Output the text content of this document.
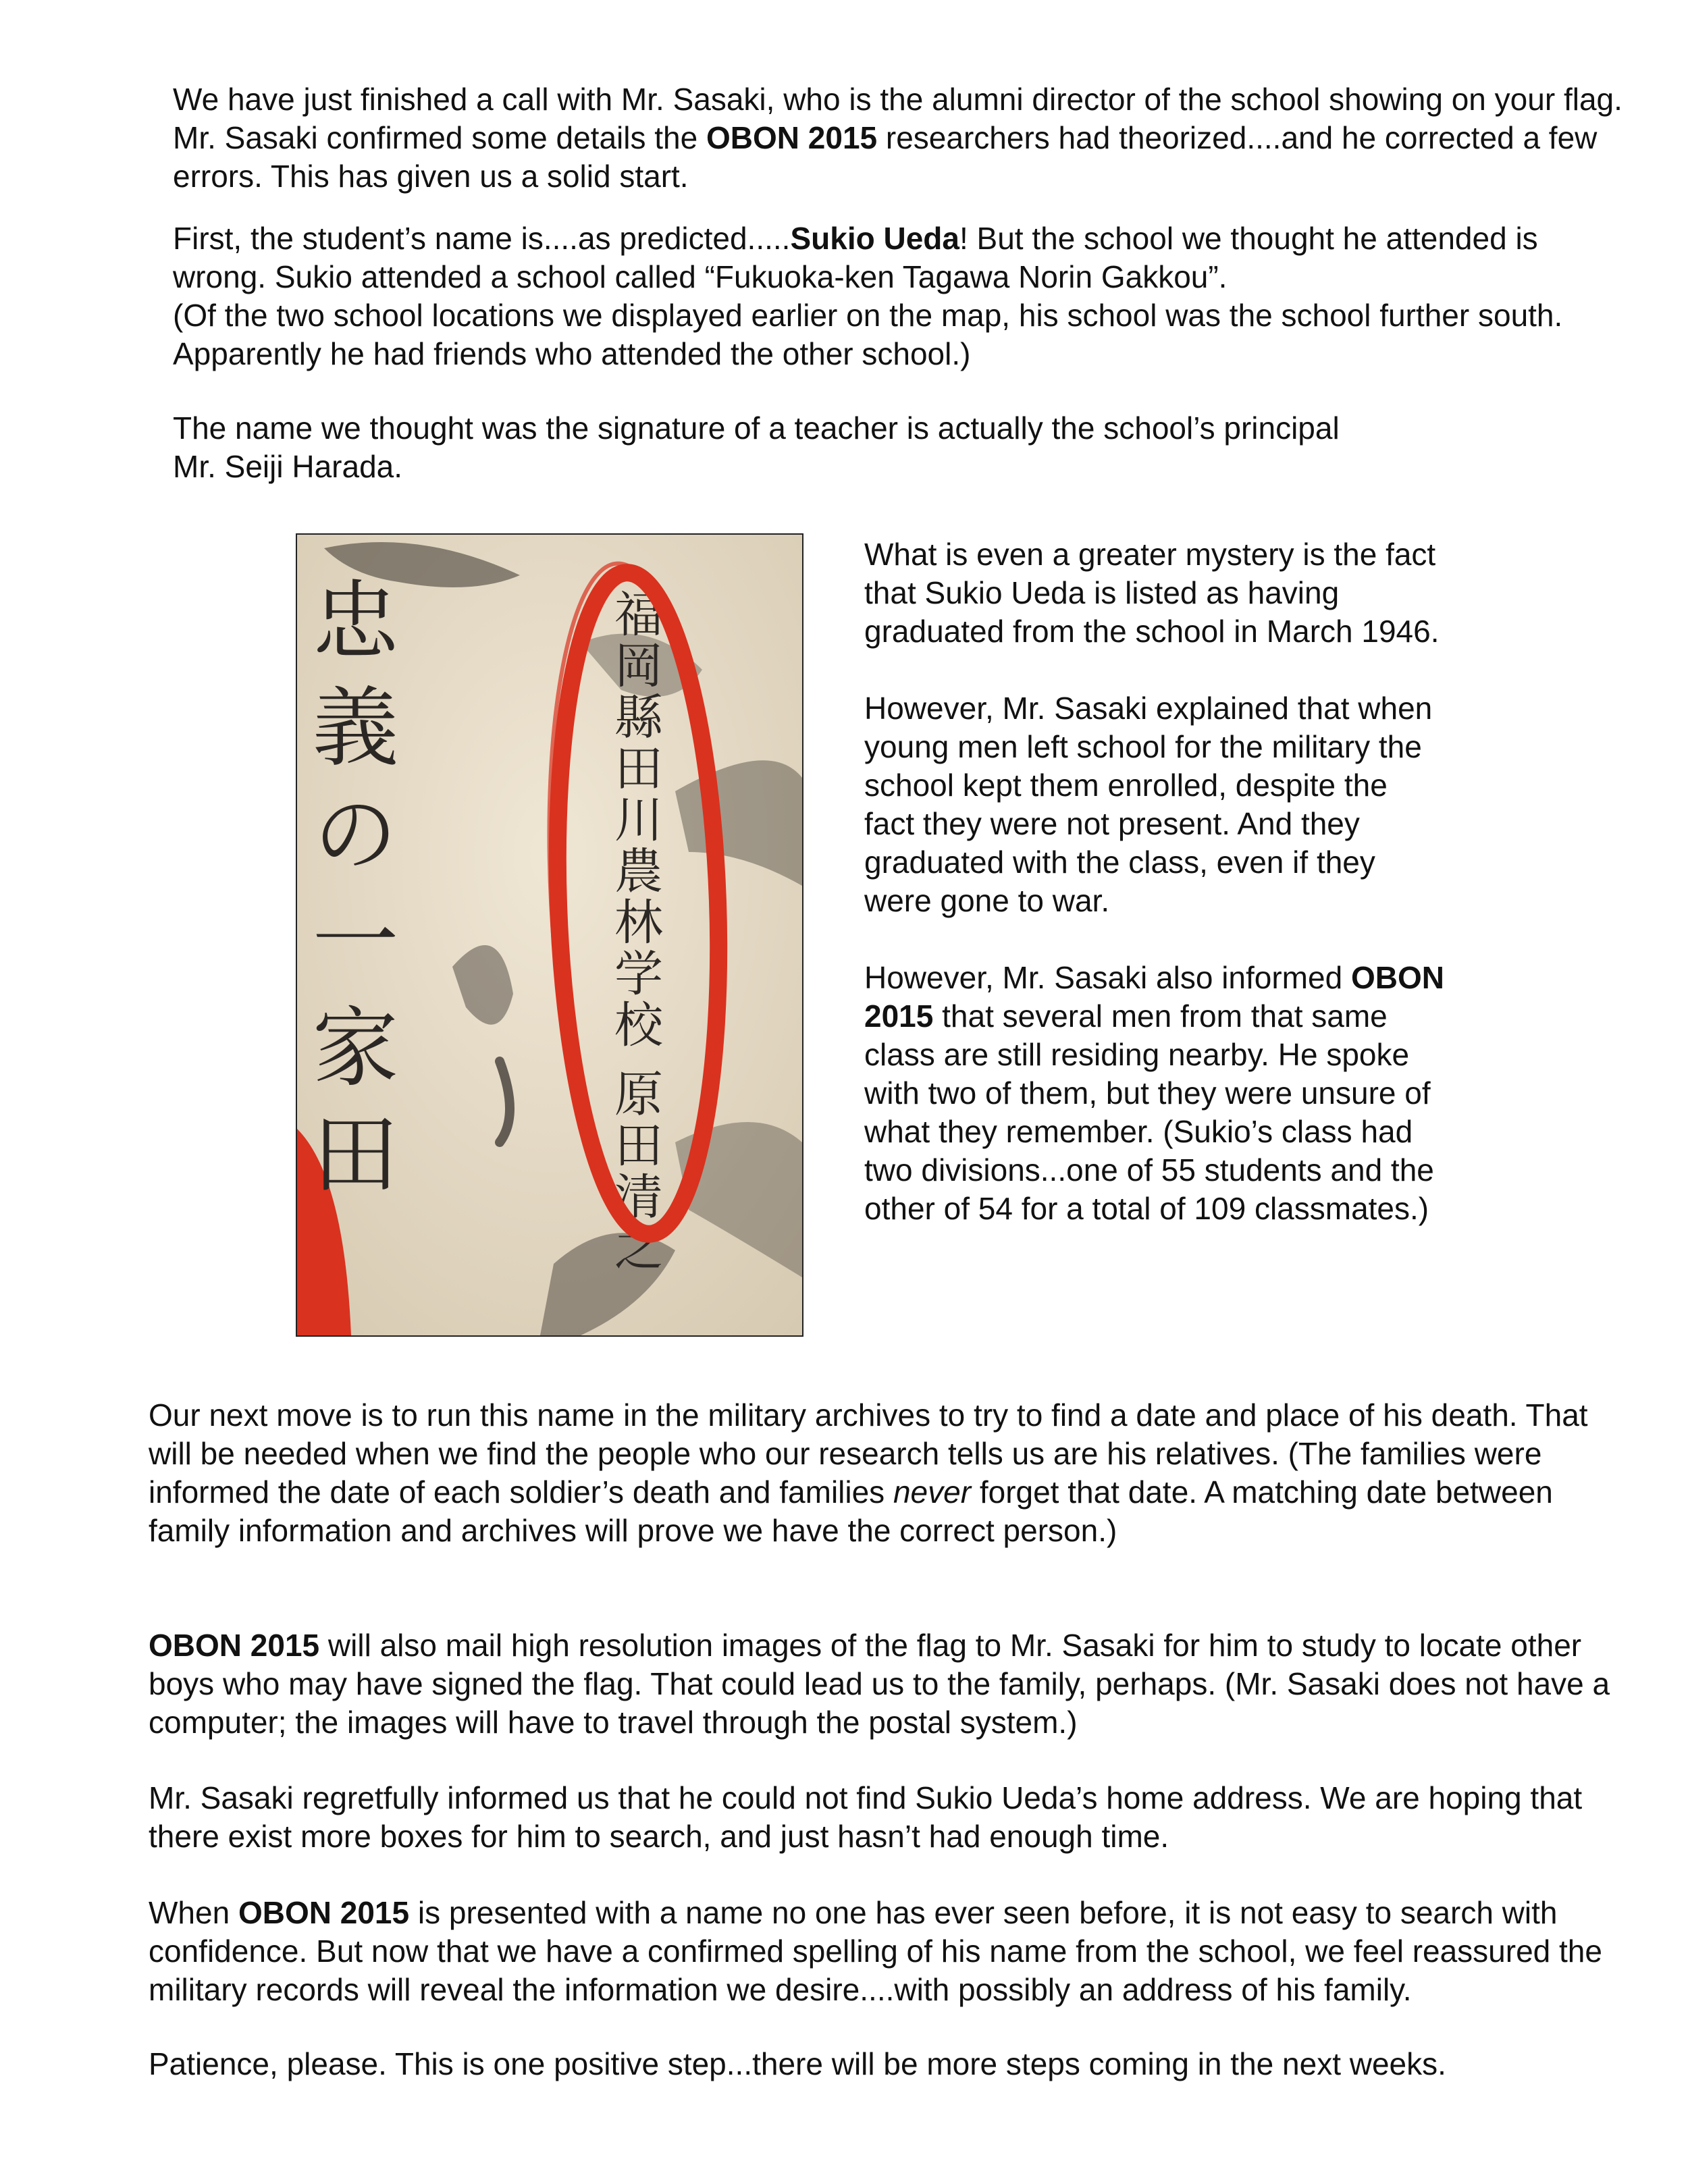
We have just finished a call with Mr. Sasaki, who is the alumni director of the school showing on your flag. Mr. Sasaki confirmed some details the OBON 2015 researchers had theorized....and he corrected a few errors. This has given us a solid start.

First, the student’s name is....as predicted.....Sukio Ueda! But the school we thought he attended is wrong. Sukio attended a school called “Fukuoka-ken Tagawa Norin Gakkou”.
(Of the two school locations we displayed earlier on the map, his school was the school further south. Apparently he had friends who attended the other school.)

The name we thought was the signature of a teacher is actually the school’s principal
Mr. Seiji Harada.

忠義の一家田	福岡縣田川農林学校 原田清之

What is even a greater mystery is the fact that Sukio Ueda is listed as having graduated from the school in March 1946.

However, Mr. Sasaki explained that when young men left school for the military the school kept them enrolled, despite the fact they were not present. And they graduated with the class, even if they were gone to war.

However, Mr. Sasaki also informed OBON 2015 that several men from that same class are still residing nearby. He spoke with two of them, but they were unsure of what they remember. (Sukio’s class had two divisions...one of 55 students and the other of 54 for a total of 109 classmates.)

Our next move is to run this name in the military archives to try to find a date and place of his death. That will be needed when we find the people who our research tells us are his relatives. (The families were informed the date of each soldier’s death and families never forget that date. A matching date between family information and archives will prove we have the correct person.)

OBON 2015 will also mail high resolution images of the flag to Mr. Sasaki for him to study to locate other boys who may have signed the flag. That could lead us to the family, perhaps. (Mr. Sasaki does not have a computer; the images will have to travel through the postal system.)

Mr. Sasaki regretfully informed us that he could not find Sukio Ueda’s home address. We are hoping that there exist more boxes for him to search, and just hasn’t had enough time.

When OBON 2015 is presented with a name no one has ever seen before, it is not easy to search with confidence. But now that we have a confirmed spelling of his name from the school, we feel reassured the military records will reveal the information we desire....with possibly an address of his family.

Patience, please. This is one positive step...there will be more steps coming in the next weeks.
